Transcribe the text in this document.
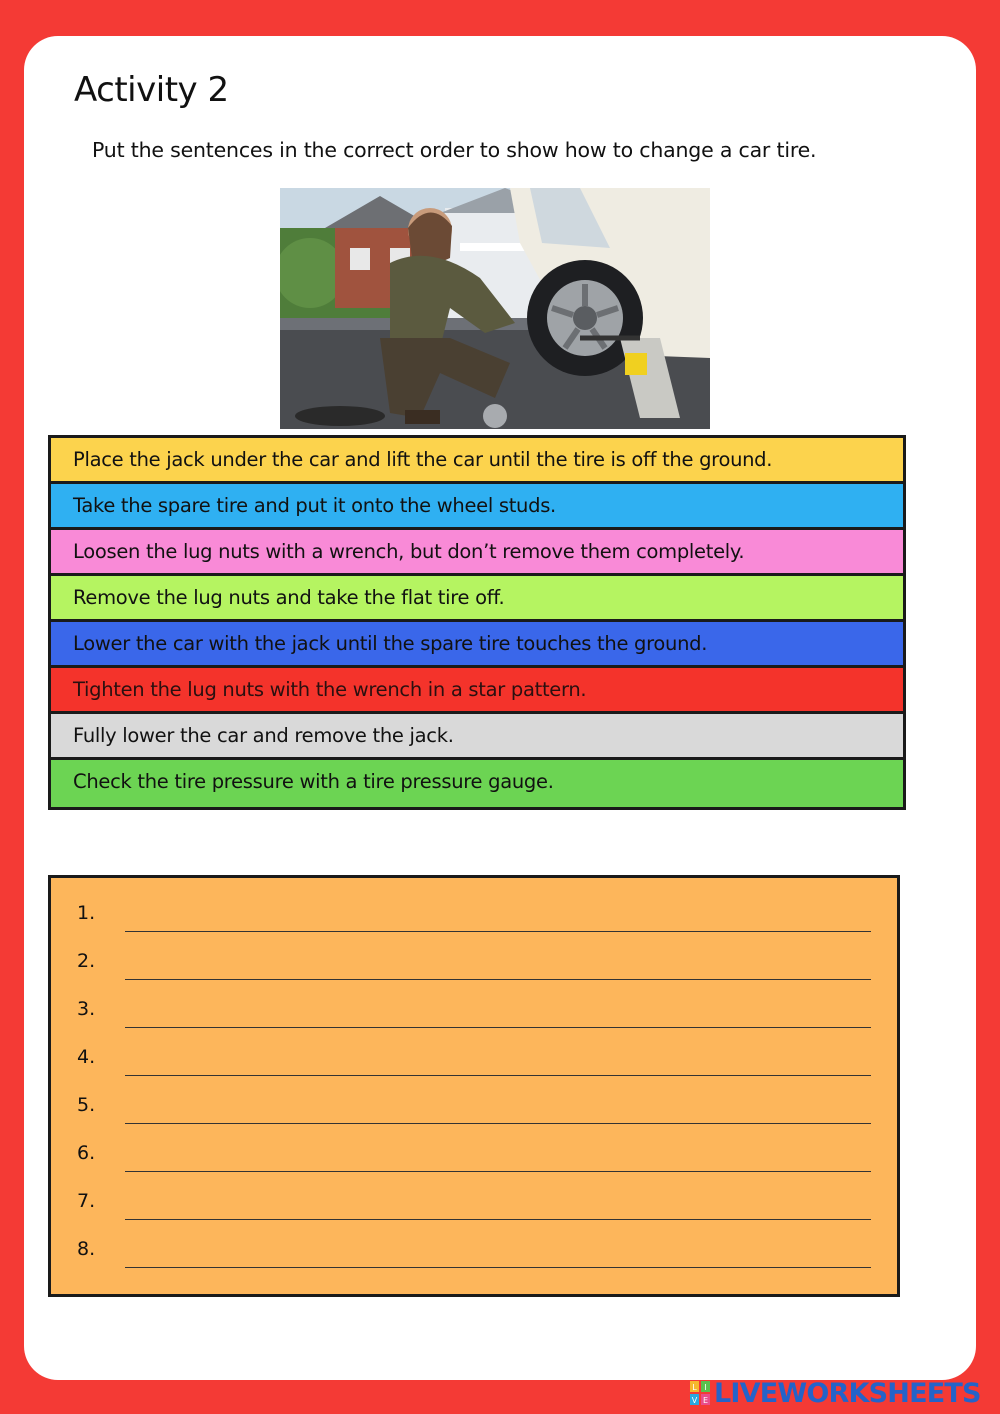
Activity 2
Put the sentences in the correct order to show how to change a car tire.
Place the jack under the car and lift the car until the tire is off the ground.
Take the spare tire and put it onto the wheel studs.
Loosen the lug nuts with a wrench, but don’t remove them completely.
Remove the lug nuts and take the flat tire off.
Lower the car with the jack until the spare tire touches the ground.
Tighten the lug nuts with the wrench in a star pattern.
Fully lower the car and remove the jack.
Check the tire pressure with a tire pressure gauge.
1.
2.
3.
4.
5.
6.
7.
8.
L I
V E LIVEWORKSHEETS
